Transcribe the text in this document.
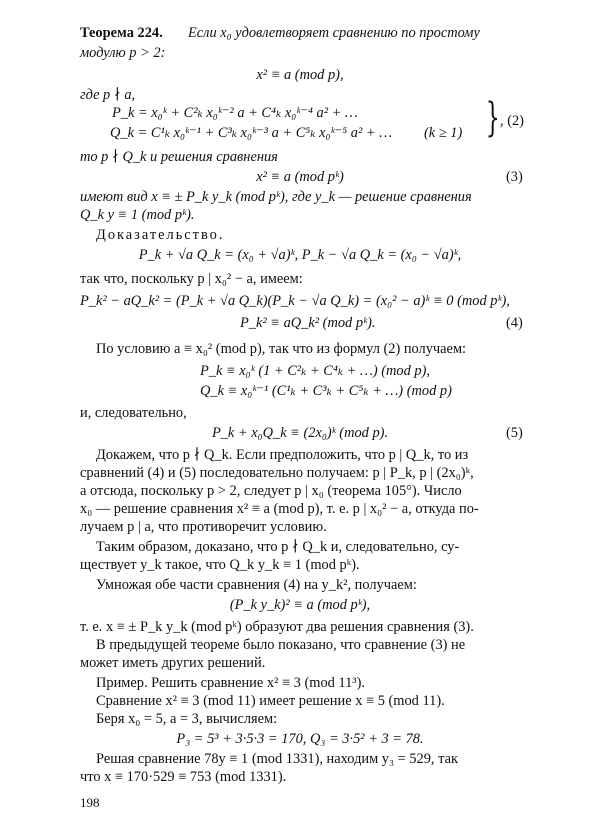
Теорема 224. Если x₀ удовлетворяет сравнению по простому
модулю p > 2:
x² ≡ a (mod p),
где p ∤ a,
P_k = x₀ᵏ + C²ₖ x₀ᵏ⁻² a + C⁴ₖ x₀ᵏ⁻⁴ a² + …
Q_k = C¹ₖ x₀ᵏ⁻¹ + C³ₖ x₀ᵏ⁻³ a + C⁵ₖ x₀ᵏ⁻⁵ a² + … (k ≥ 1) } , (2)
то p ∤ Q_k и решения сравнения
x² ≡ a (mod pᵏ)	(3)
имеют вид x ≡ ± P_k y_k (mod pᵏ), где y_k — решение сравнения
Q_k y ≡ 1 (mod pᵏ).
Доказательство.
P_k + √a Q_k = (x₀ + √a)ᵏ, P_k − √a Q_k = (x₀ − √a)ᵏ,
так что, поскольку p | x₀² − a, имеем:
P_k² − aQ_k² = (P_k + √a Q_k)(P_k − √a Q_k) = (x₀² − a)ᵏ ≡ 0 (mod pᵏ),
P_k² ≡ aQ_k² (mod pᵏ).	(4)
По условию a ≡ x₀² (mod p), так что из формул (2) получаем:
P_k ≡ x₀ᵏ (1 + C²ₖ + C⁴ₖ + …) (mod p),
Q_k ≡ x₀ᵏ⁻¹ (C¹ₖ + C³ₖ + C⁵ₖ + …) (mod p)
и, следовательно,
P_k + x₀Q_k ≡ (2x₀)ᵏ (mod p).	(5)
Докажем, что p ∤ Q_k. Если предположить, что p | Q_k, то из
сравнений (4) и (5) последовательно получаем: p | P_k, p | (2x₀)ᵏ,
а отсюда, поскольку p > 2, следует p | x₀ (теорема 105°). Число
x₀ — решение сравнения x² ≡ a (mod p), т. е. p | x₀² − a, откуда по-
лучаем p | a, что противоречит условию.
Таким образом, доказано, что p ∤ Q_k и, следовательно, су-
ществует y_k такое, что Q_k y_k ≡ 1 (mod pᵏ).
Умножая обе части сравнения (4) на y_k², получаем:
(P_k y_k)² ≡ a (mod pᵏ),
т. е. x ≡ ± P_k y_k (mod pᵏ) образуют два решения сравнения (3).
В предыдущей теореме было показано, что сравнение (3) не
может иметь других решений.
Пример. Решить сравнение x² ≡ 3 (mod 11³).
Сравнение x² ≡ 3 (mod 11) имеет решение x ≡ 5 (mod 11).
Беря x₀ = 5, a = 3, вычисляем:
P₃ = 5³ + 3·5·3 = 170, Q₃ = 3·5² + 3 = 78.
Решая сравнение 78y ≡ 1 (mod 1331), находим y₃ = 529, так
что x ≡ 170·529 ≡ 753 (mod 1331).
198
